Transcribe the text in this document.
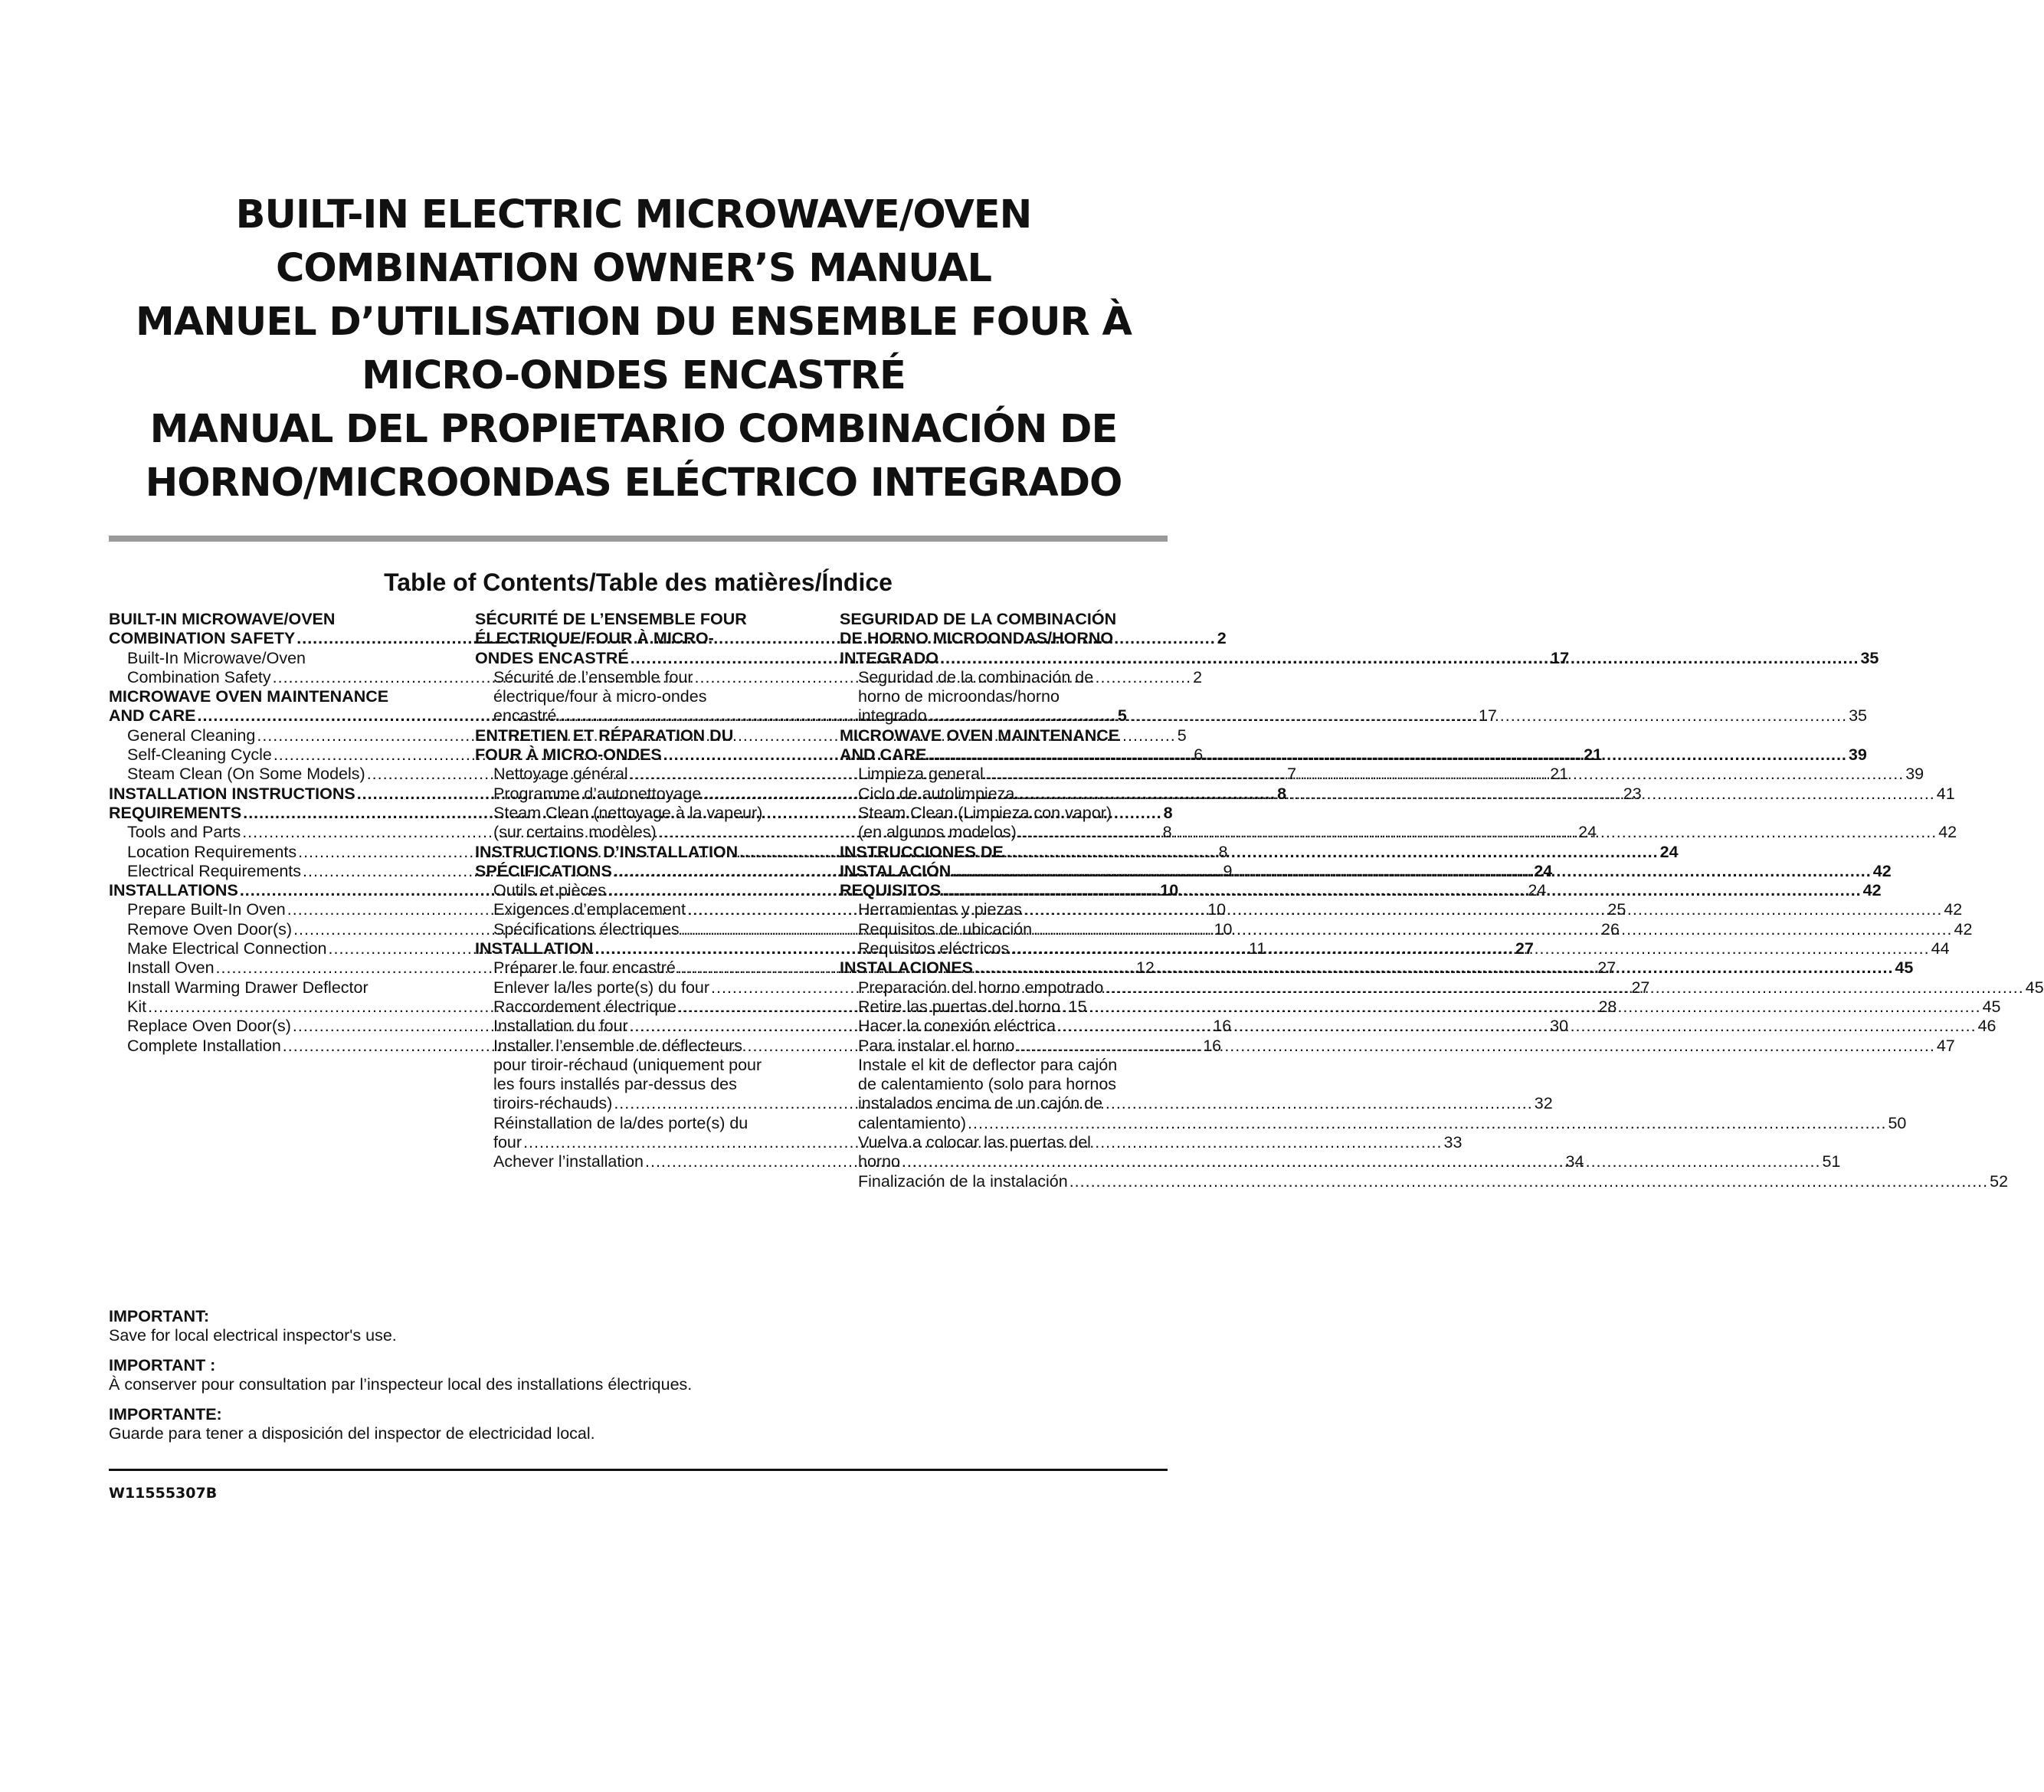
BUILT-IN ELECTRIC MICROWAVE/OVEN
COMBINATION OWNER’S MANUAL
MANUEL D’UTILISATION DU ENSEMBLE FOUR À
MICRO-ONDES ENCASTRÉ
MANUAL DEL PROPIETARIO COMBINACIÓN DE
HORNO/MICROONDAS ELÉCTRICO INTEGRADO
Table of Contents/Table des matières/Índice
BUILT-IN MICROWAVE/OVEN
COMBINATION SAFETY .....	2
Built-In Microwave/Oven
Combination Safety .....	2
MICROWAVE OVEN MAINTENANCE
AND CARE .....	5
General Cleaning .....	5
Self-Cleaning Cycle .....	6
Steam Clean (On Some Models) .....	7
INSTALLATION INSTRUCTIONS .....	8
REQUIREMENTS .....	8
Tools and Parts .....	8
Location Requirements .....	8
Electrical Requirements .....	9
INSTALLATIONS .....	10
Prepare Built-In Oven .....	10
Remove Oven Door(s) .....	10
Make Electrical Connection .....	11
Install Oven .....	12
Install Warming Drawer Deflector
Kit .....	15
Replace Oven Door(s) .....	16
Complete Installation .....	16
SÉCURITÉ DE L’ENSEMBLE FOUR
ÉLECTRIQUE/FOUR À MICRO-
ONDES ENCASTRÉ .....	17
Sécurité de l’ensemble four
électrique/four à micro-ondes
encastré .....	17
ENTRETIEN ET RÉPARATION DU
FOUR À MICRO-ONDES .....	21
Nettoyage général .....	21
Programme d’autonettoyage .....	23
Steam Clean (nettoyage à la vapeur)
(sur certains modèles) .....	24
INSTRUCTIONS D’INSTALLATION .....	24
SPÉCIFICATIONS .....	24
Outils et pièces .....	24
Exigences d’emplacement .....	25
Spécifications électriques .....	26
INSTALLATION .....	27
Préparer le four encastré .....	27
Enlever la/les porte(s) du four .....	27
Raccordement électrique .....	28
Installation du four .....	30
Installer l’ensemble de déflecteurs
pour tiroir-réchaud (uniquement pour
les fours installés par-dessus des
tiroirs-réchauds) .....	32
Réinstallation de la/des porte(s) du
four .....	33
Achever l’installation .....	34
SEGURIDAD DE LA COMBINACIÓN
DE HORNO MICROONDAS/HORNO
INTEGRADO .....	35
Seguridad de la combinación de
horno de microondas/horno
integrado .....	35
MICROWAVE OVEN MAINTENANCE
AND CARE .....	39
Limpieza general .....	39
Ciclo de autolimpieza .....	41
Steam Clean (Limpieza con vapor)
(en algunos modelos) .....	42
INSTRUCCIONES DE
INSTALACIÓN .....	42
REQUISITOS .....	42
Herramientas y piezas .....	42
Requisitos de ubicación .....	42
Requisitos eléctricos .....	44
INSTALACIONES .....	45
Preparación del horno empotrado .....	45
Retire las puertas del horno .....	45
Hacer la conexión eléctrica .....	46
Para instalar el horno .....	47
Instale el kit de deflector para cajón
de calentamiento (solo para hornos
instalados encima de un cajón de
calentamiento) .....	50
Vuelva a colocar las puertas del
horno .....	51
Finalización de la instalación .....	52
IMPORTANT:
Save for local electrical inspector's use.
IMPORTANT :
À conserver pour consultation par l’inspecteur local des installations électriques.
IMPORTANTE:
Guarde para tener a disposición del inspector de electricidad local.
W11555307B
